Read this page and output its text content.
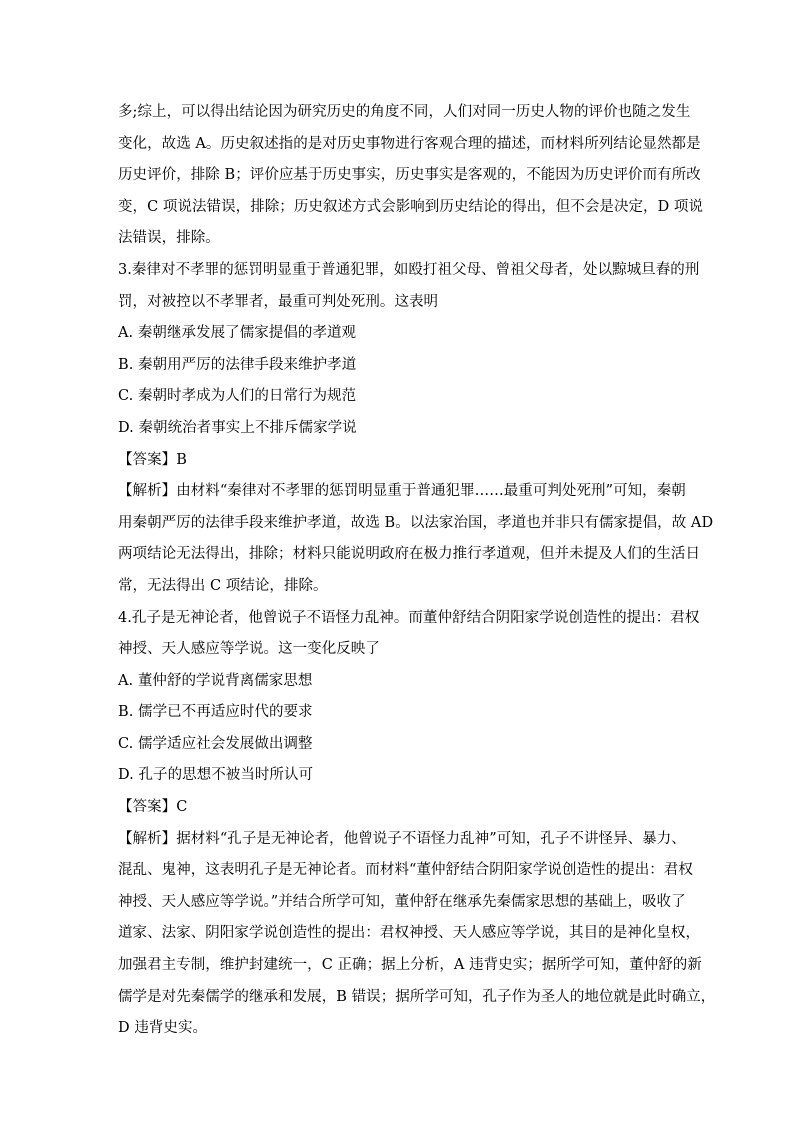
多;综上，可以得出结论因为研究历史的角度不同，人们对同一历史人物的评价也随之发生
变化，故选 A。历史叙述指的是对历史事物进行客观合理的描述，而材料所列结论显然都是
历史评价，排除 B；评价应基于历史事实，历史事实是客观的，不能因为历史评价而有所改
变，C 项说法错误，排除；历史叙述方式会影响到历史结论的得出，但不会是决定，D 项说
法错误，排除。
3.秦律对不孝罪的惩罚明显重于普通犯罪，如殴打祖父母、曾祖父母者，处以黥城旦舂的刑
罚，对被控以不孝罪者，最重可判处死刑。这表明
A. 秦朝继承发展了儒家提倡的孝道观
B. 秦朝用严厉的法律手段来维护孝道
C. 秦朝时孝成为人们的日常行为规范
D. 秦朝统治者事实上不排斥儒家学说
【答案】B
【解析】由材料“秦律对不孝罪的惩罚明显重于普通犯罪……最重可判处死刑”可知，秦朝
用秦朝严厉的法律手段来维护孝道，故选 B。以法家治国，孝道也并非只有儒家提倡，故 AD
两项结论无法得出，排除；材料只能说明政府在极力推行孝道观，但并未提及人们的生活日
常，无法得出 C 项结论，排除。
4.孔子是无神论者，他曾说子不语怪力乱神。而董仲舒结合阴阳家学说创造性的提出：君权
神授、天人感应等学说。这一变化反映了
A. 董仲舒的学说背离儒家思想
B. 儒学已不再适应时代的要求
C. 儒学适应社会发展做出调整
D. 孔子的思想不被当时所认可
【答案】C
【解析】据材料“孔子是无神论者，他曾说子不语怪力乱神”可知，孔子不讲怪异、暴力、
混乱、鬼神，这表明孔子是无神论者。而材料“董仲舒结合阴阳家学说创造性的提出：君权
神授、天人感应等学说。”并结合所学可知，董仲舒在继承先秦儒家思想的基础上，吸收了
道家、法家、阴阳家学说创造性的提出：君权神授、天人感应等学说，其目的是神化皇权，
加强君主专制，维护封建统一，C 正确；据上分析，A 违背史实；据所学可知，董仲舒的新
儒学是对先秦儒学的继承和发展，B 错误；据所学可知，孔子作为圣人的地位就是此时确立，
D 违背史实。
